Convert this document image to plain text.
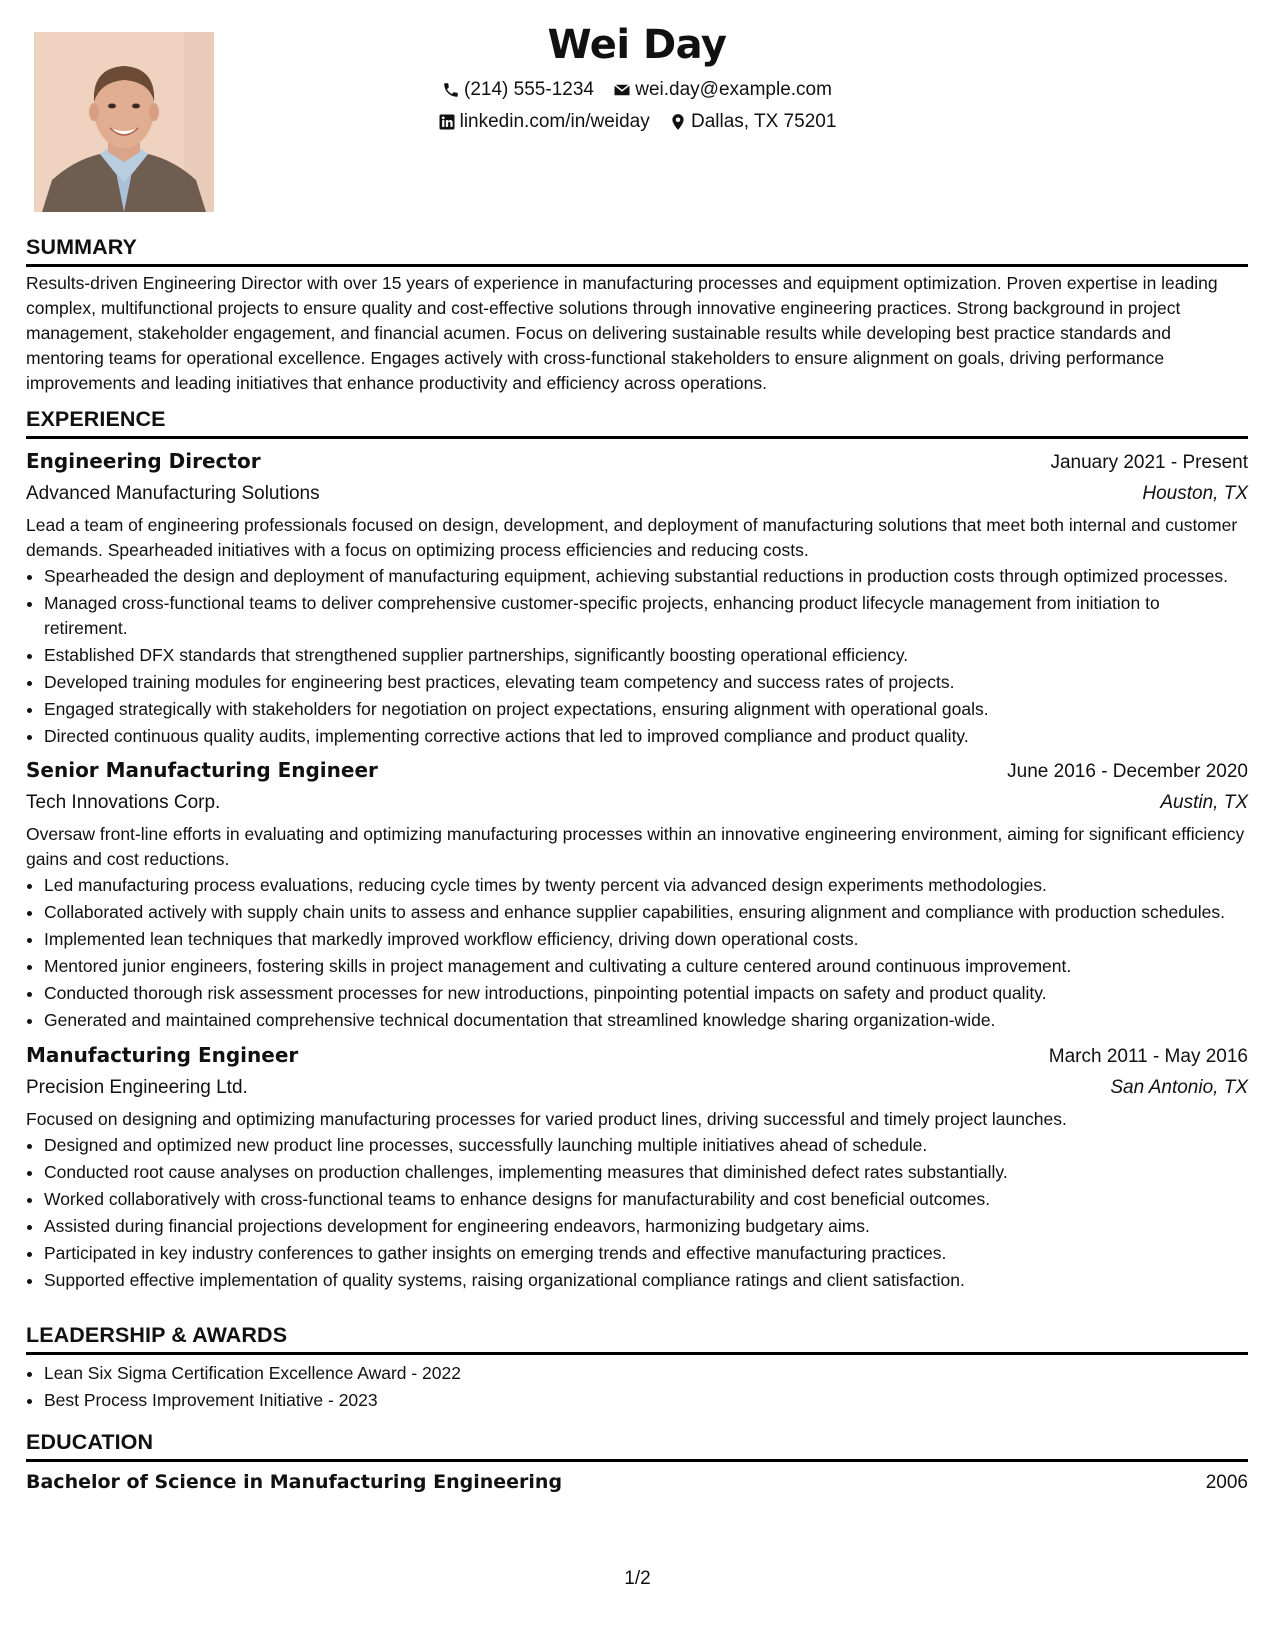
Wei Day
(214) 555-1234
wei.day@example.com
linkedin.com/in/weiday
Dallas, TX 75201
SUMMARY
Results-driven Engineering Director with over 15 years of experience in manufacturing processes and equipment optimization. Proven expertise in leading complex, multifunctional projects to ensure quality and cost-effective solutions through innovative engineering practices. Strong background in project management, stakeholder engagement, and financial acumen. Focus on delivering sustainable results while developing best practice standards and mentoring teams for operational excellence. Engages actively with cross-functional stakeholders to ensure alignment on goals, driving performance improvements and leading initiatives that enhance productivity and efficiency across operations.
EXPERIENCE
Engineering Director	January 2021 - Present
Advanced Manufacturing Solutions	Houston, TX
Lead a team of engineering professionals focused on design, development, and deployment of manufacturing solutions that meet both internal and customer demands. Spearheaded initiatives with a focus on optimizing process efficiencies and reducing costs.
• Spearheaded the design and deployment of manufacturing equipment, achieving substantial reductions in production costs through optimized processes.
• Managed cross-functional teams to deliver comprehensive customer-specific projects, enhancing product lifecycle management from initiation to retirement.
• Established DFX standards that strengthened supplier partnerships, significantly boosting operational efficiency.
• Developed training modules for engineering best practices, elevating team competency and success rates of projects.
• Engaged strategically with stakeholders for negotiation on project expectations, ensuring alignment with operational goals.
• Directed continuous quality audits, implementing corrective actions that led to improved compliance and product quality.
Senior Manufacturing Engineer	June 2016 - December 2020
Tech Innovations Corp.	Austin, TX
Oversaw front-line efforts in evaluating and optimizing manufacturing processes within an innovative engineering environment, aiming for significant efficiency gains and cost reductions.
• Led manufacturing process evaluations, reducing cycle times by twenty percent via advanced design experiments methodologies.
• Collaborated actively with supply chain units to assess and enhance supplier capabilities, ensuring alignment and compliance with production schedules.
• Implemented lean techniques that markedly improved workflow efficiency, driving down operational costs.
• Mentored junior engineers, fostering skills in project management and cultivating a culture centered around continuous improvement.
• Conducted thorough risk assessment processes for new introductions, pinpointing potential impacts on safety and product quality.
• Generated and maintained comprehensive technical documentation that streamlined knowledge sharing organization-wide.
Manufacturing Engineer	March 2011 - May 2016
Precision Engineering Ltd.	San Antonio, TX
Focused on designing and optimizing manufacturing processes for varied product lines, driving successful and timely project launches.
• Designed and optimized new product line processes, successfully launching multiple initiatives ahead of schedule.
• Conducted root cause analyses on production challenges, implementing measures that diminished defect rates substantially.
• Worked collaboratively with cross-functional teams to enhance designs for manufacturability and cost beneficial outcomes.
• Assisted during financial projections development for engineering endeavors, harmonizing budgetary aims.
• Participated in key industry conferences to gather insights on emerging trends and effective manufacturing practices.
• Supported effective implementation of quality systems, raising organizational compliance ratings and client satisfaction.
LEADERSHIP & AWARDS
• Lean Six Sigma Certification Excellence Award - 2022
• Best Process Improvement Initiative - 2023
EDUCATION
Bachelor of Science in Manufacturing Engineering	2006
1/2
